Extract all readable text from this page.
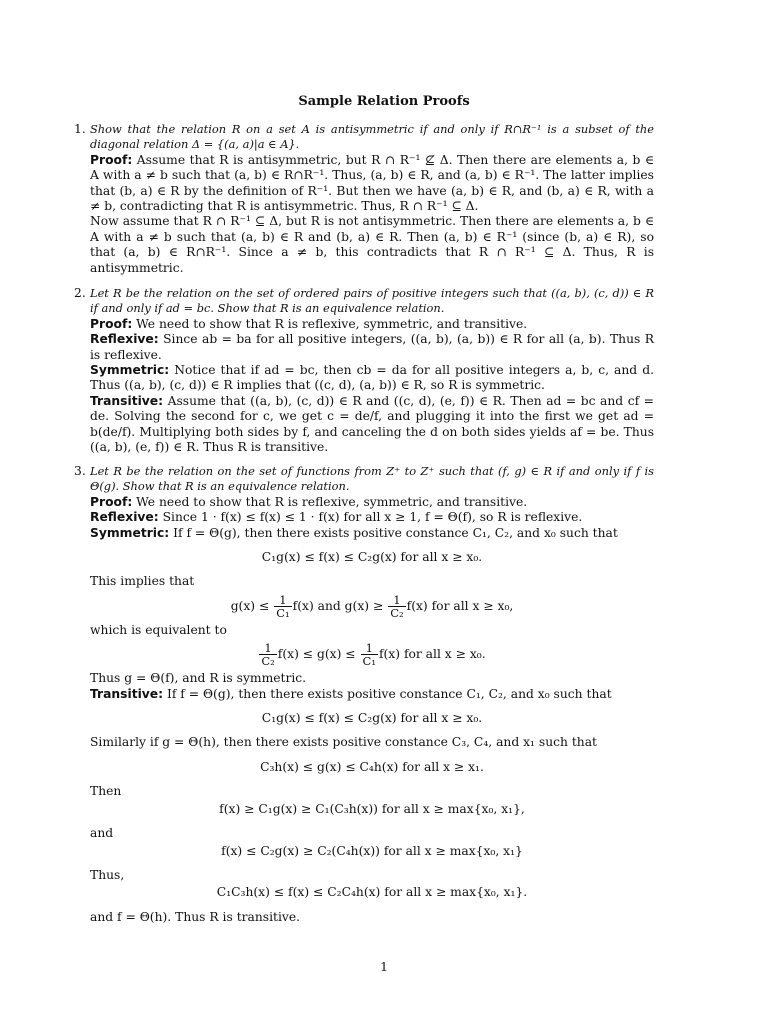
Sample Relation Proofs
1. Show that the relation R on a set A is antisymmetric if and only if R∩R⁻¹ is a subset of the diagonal relation Δ = {(a, a)|a ∈ A}.

Proof: Assume that R is antisymmetric, but R ∩ R⁻¹ ⊈ Δ. Then there are elements a, b ∈ A with a ≠ b such that (a, b) ∈ R∩R⁻¹. Thus, (a, b) ∈ R, and (a, b) ∈ R⁻¹. The latter implies that (b, a) ∈ R by the definition of R⁻¹. But then we have (a, b) ∈ R, and (b, a) ∈ R, with a ≠ b, contradicting that R is antisymmetric. Thus, R ∩ R⁻¹ ⊆ Δ.

Now assume that R ∩ R⁻¹ ⊆ Δ, but R is not antisymmetric. Then there are elements a, b ∈ A with a ≠ b such that (a, b) ∈ R and (b, a) ∈ R. Then (a, b) ∈ R⁻¹ (since (b, a) ∈ R), so that (a, b) ∈ R∩R⁻¹. Since a ≠ b, this contradicts that R ∩ R⁻¹ ⊆ Δ. Thus, R is antisymmetric.

2. Let R be the relation on the set of ordered pairs of positive integers such that ((a, b), (c, d)) ∈ R if and only if ad = bc. Show that R is an equivalence relation.

Proof: We need to show that R is reflexive, symmetric, and transitive.

Reflexive: Since ab = ba for all positive integers, ((a, b), (a, b)) ∈ R for all (a, b). Thus R is reflexive.

Symmetric: Notice that if ad = bc, then cb = da for all positive integers a, b, c, and d. Thus ((a, b), (c, d)) ∈ R implies that ((c, d), (a, b)) ∈ R, so R is symmetric.

Transitive: Assume that ((a, b), (c, d)) ∈ R and ((c, d), (e, f)) ∈ R. Then ad = bc and cf = de. Solving the second for c, we get c = de/f, and plugging it into the first we get ad = b(de/f). Multiplying both sides by f, and canceling the d on both sides yields af = be. Thus ((a, b), (e, f)) ∈ R. Thus R is transitive.

3. Let R be the relation on the set of functions from Z⁺ to Z⁺ such that (f, g) ∈ R if and only if f is Θ(g). Show that R is an equivalence relation.

Proof: We need to show that R is reflexive, symmetric, and transitive.

Reflexive: Since 1 · f(x) ≤ f(x) ≤ 1 · f(x) for all x ≥ 1, f = Θ(f), so R is reflexive.

Symmetric: If f = Θ(g), then there exists positive constance C₁, C₂, and x₀ such that

C₁g(x) ≤ f(x) ≤ C₂g(x) for all x ≥ x₀.

This implies that

$g(x) \le \frac{1}{\text{C₁}} f(x)$ and $g(x) \ge \frac{1}{\text{C₂}} f(x)$ for all x ≥ x₀,

which is equivalent to

$\frac{1}{\text{C₂}} f(x) \le g(x) \le \frac{1}{\text{C₁}} f(x)$ for all x ≥ x₀.

Thus g = Θ(f), and R is symmetric.

Transitive: If f = Θ(g), then there exists positive constance C₁, C₂, and x₀ such that

C₁g(x) ≤ f(x) ≤ C₂g(x) for all x ≥ x₀.

Similarly if g = Θ(h), then there exists positive constance C₃, C₄, and x₁ such that

C₃h(x) ≤ g(x) ≤ C₄h(x) for all x ≥ x₁.

Then

f(x) ≥ C₁g(x) ≥ C₁(C₃h(x)) for all x ≥ max{x₀, x₁},

and

f(x) ≤ C₂g(x) ≥ C₂(C₄h(x)) for all x ≥ max{x₀, x₁}

Thus,

C₁C₃h(x) ≤ f(x) ≤ C₂C₄h(x) for all x ≥ max{x₀, x₁}.

and f = Θ(h). Thus R is transitive.

1
